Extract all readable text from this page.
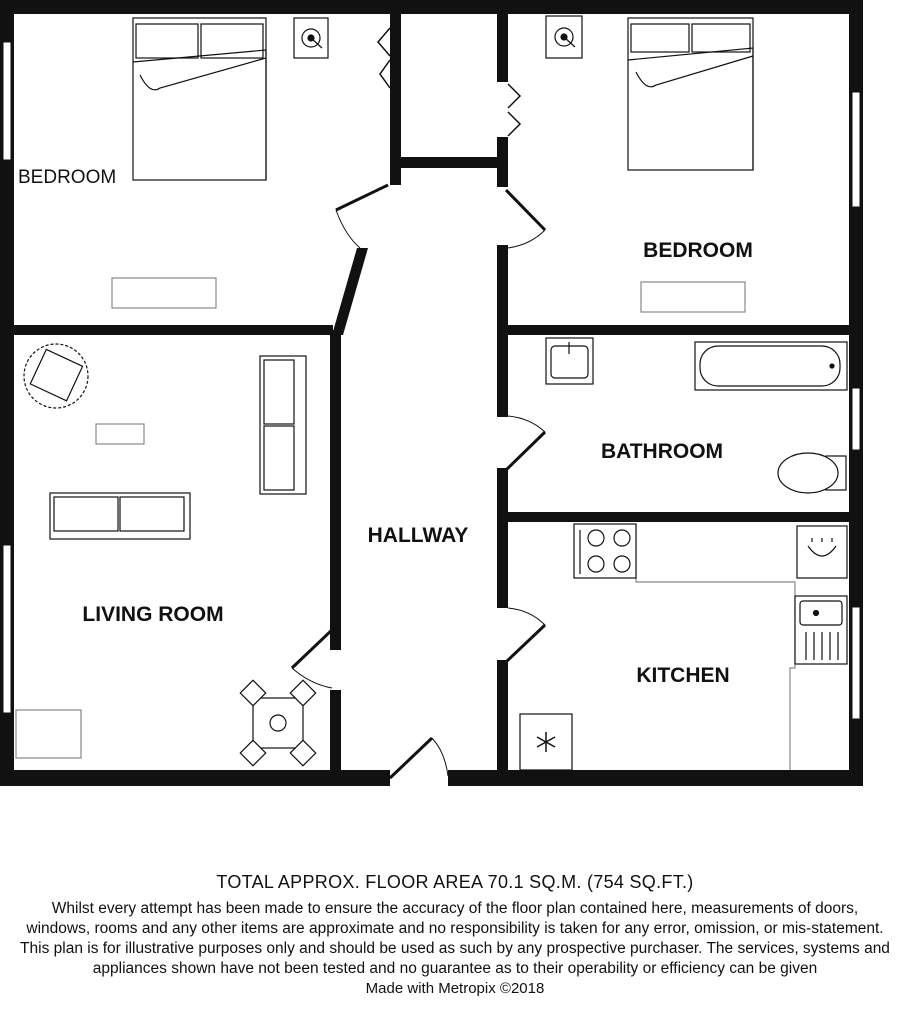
BEDROOM
BEDROOM
LIVING ROOM
HALLWAY
BATHROOM
KITCHEN
TOTAL APPROX. FLOOR AREA 70.1 SQ.M. (754 SQ.FT.)
Whilst every attempt has been made to ensure the accuracy of the floor plan contained here, measurements of doors, windows, rooms and any other items are approximate and no responsibility is taken for any error, omission, or mis-statement. This plan is for illustrative purposes only and should be used as such by any prospective purchaser. The services, systems and appliances shown have not been tested and no guarantee as to their operability or efficiency can be given
Made with Metropix ©2018
